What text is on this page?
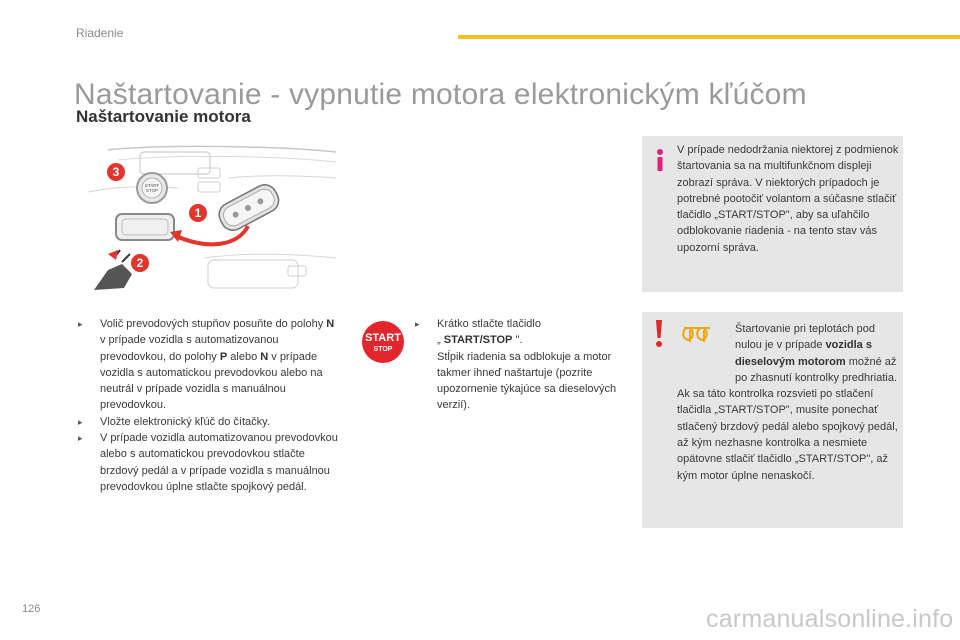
Riadenie
Naštartovanie - vypnutie motora elektronickým kľúčom
Naštartovanie motora
START
STOP
3
1
2
▸ Volič prevodových stupňov posuňte do polohy N v prípade vozidla s automatizovanou prevodovkou, do polohy P alebo N v prípade vozidla s automatickou prevodovkou alebo na neutrál v prípade vozidla s manuálnou prevodovkou.
▸ Vložte elektronický kľúč do čítačky.
▸ V prípade vozidla automatizovanou prevodovkou alebo s automatickou prevodovkou stlačte brzdový pedál a v prípade vozidla s manuálnou prevodovkou úplne stlačte spojkový pedál.
START
STOP
▸ Krátko stlačte tlačidlo
„ START/STOP ".
Stĺpik riadenia sa odblokuje a motor takmer ihneď naštartuje (pozrite upozornenie týkajúce sa dieselových verzií).
V prípade nedodržania niektorej z podmienok štartovania sa na multifunkčnom displeji zobrazí správa. V niektorých prípadoch je potrebné pootočiť volantom a súčasne stlačiť tlačidlo „START/STOP", aby sa uľahčilo odblokovanie riadenia - na tento stav vás upozorní správa.
Štartovanie pri teplotách pod nulou je v prípade vozidla s dieselovým motorom možné až po zhasnutí kontrolky predhriatia.
Ak sa táto kontrolka rozsvieti po stlačení tlačidla „START/STOP", musíte ponechať stlačený brzdový pedál alebo spojkový pedál, až kým nezhasne kontrolka a nesmiete opätovne stlačiť tlačidlo „START/STOP", až kým motor úplne nenaskočí.
126	carmanualsonline.info
